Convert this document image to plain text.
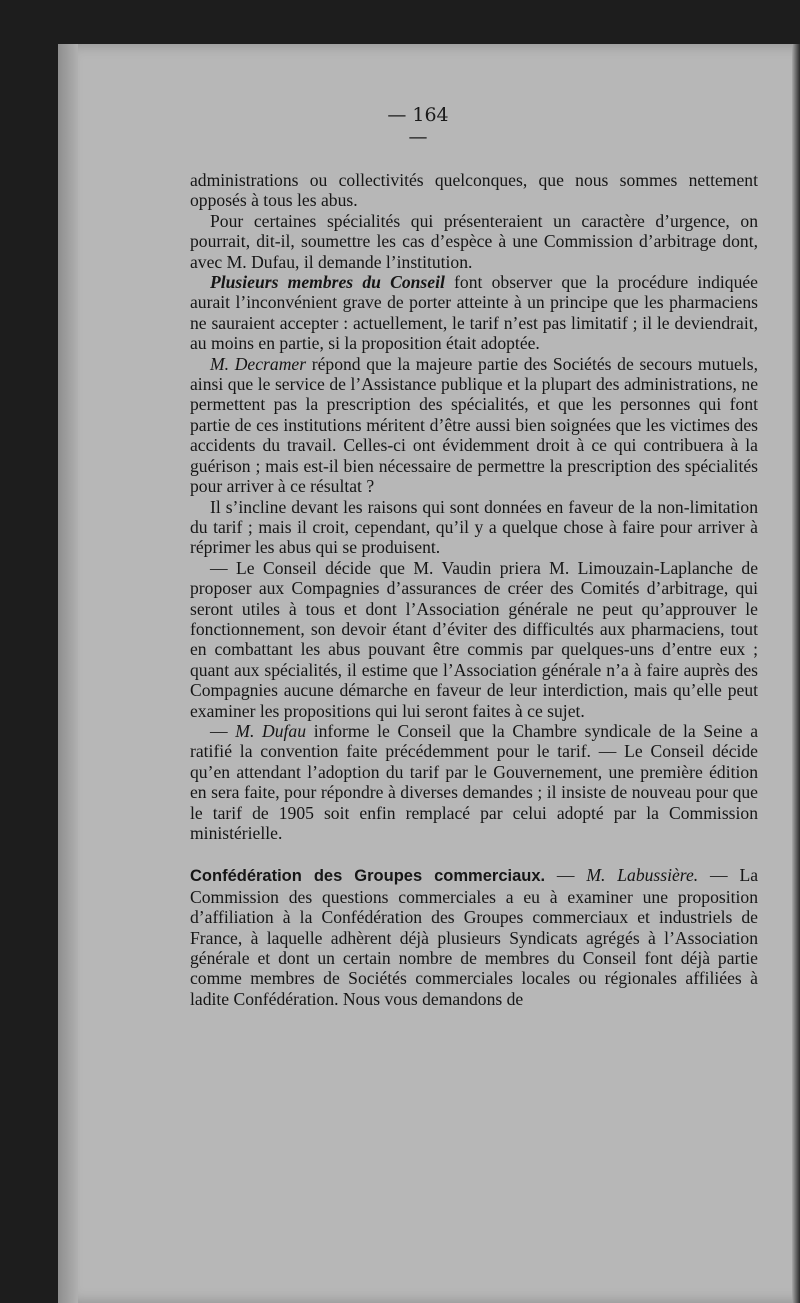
— 164 —

administrations ou collectivités quelconques, que nous sommes nettement opposés à tous les abus.

Pour certaines spécialités qui présenteraient un caractère d’urgence, on pourrait, dit-il, soumettre les cas d’espèce à une Commission d’arbitrage dont, avec M. Dufau, il demande l’institution.

Plusieurs membres du Conseil font observer que la procédure indiquée aurait l’inconvénient grave de porter atteinte à un principe que les pharmaciens ne sauraient accepter : actuellement, le tarif n’est pas limitatif ; il le deviendrait, au moins en partie, si la proposition était adoptée.

M. Decramer répond que la majeure partie des Sociétés de secours mutuels, ainsi que le service de l’Assistance publique et la plupart des administrations, ne permettent pas la prescription des spécialités, et que les personnes qui font partie de ces institutions méritent d’être aussi bien soignées que les victimes des accidents du travail. Celles-ci ont évidemment droit à ce qui contribuera à la guérison ; mais est-il bien nécessaire de permettre la prescription des spécialités pour arriver à ce résultat ?

Il s’incline devant les raisons qui sont données en faveur de la non-limitation du tarif ; mais il croit, cependant, qu’il y a quelque chose à faire pour arriver à réprimer les abus qui se produisent.

— Le Conseil décide que M. Vaudin priera M. Limouzain-Laplanche de proposer aux Compagnies d’assurances de créer des Comités d’arbitrage, qui seront utiles à tous et dont l’Association générale ne peut qu’approuver le fonctionnement, son devoir étant d’éviter des difficultés aux pharmaciens, tout en combattant les abus pouvant être commis par quelques-uns d’entre eux ; quant aux spécialités, il estime que l’Association générale n’a à faire auprès des Compagnies aucune démarche en faveur de leur interdiction, mais qu’elle peut examiner les propositions qui lui seront faites à ce sujet.

— M. Dufau informe le Conseil que la Chambre syndicale de la Seine a ratifié la convention faite précédemment pour le tarif. — Le Conseil décide qu’en attendant l’adoption du tarif par le Gouvernement, une première édition en sera faite, pour répondre à diverses demandes ; il insiste de nouveau pour que le tarif de 1905 soit enfin remplacé par celui adopté par la Commission ministérielle.

Confédération des Groupes commerciaux. — M. Labussière. — La Commission des questions commerciales a eu à examiner une proposition d’affiliation à la Confédération des Groupes commerciaux et industriels de France, à laquelle adhèrent déjà plusieurs Syndicats agrégés à l’Association générale et dont un certain nombre de membres du Conseil font déjà partie comme membres de Sociétés commerciales locales ou régionales affiliées à ladite Confédération. Nous vous demandons de
